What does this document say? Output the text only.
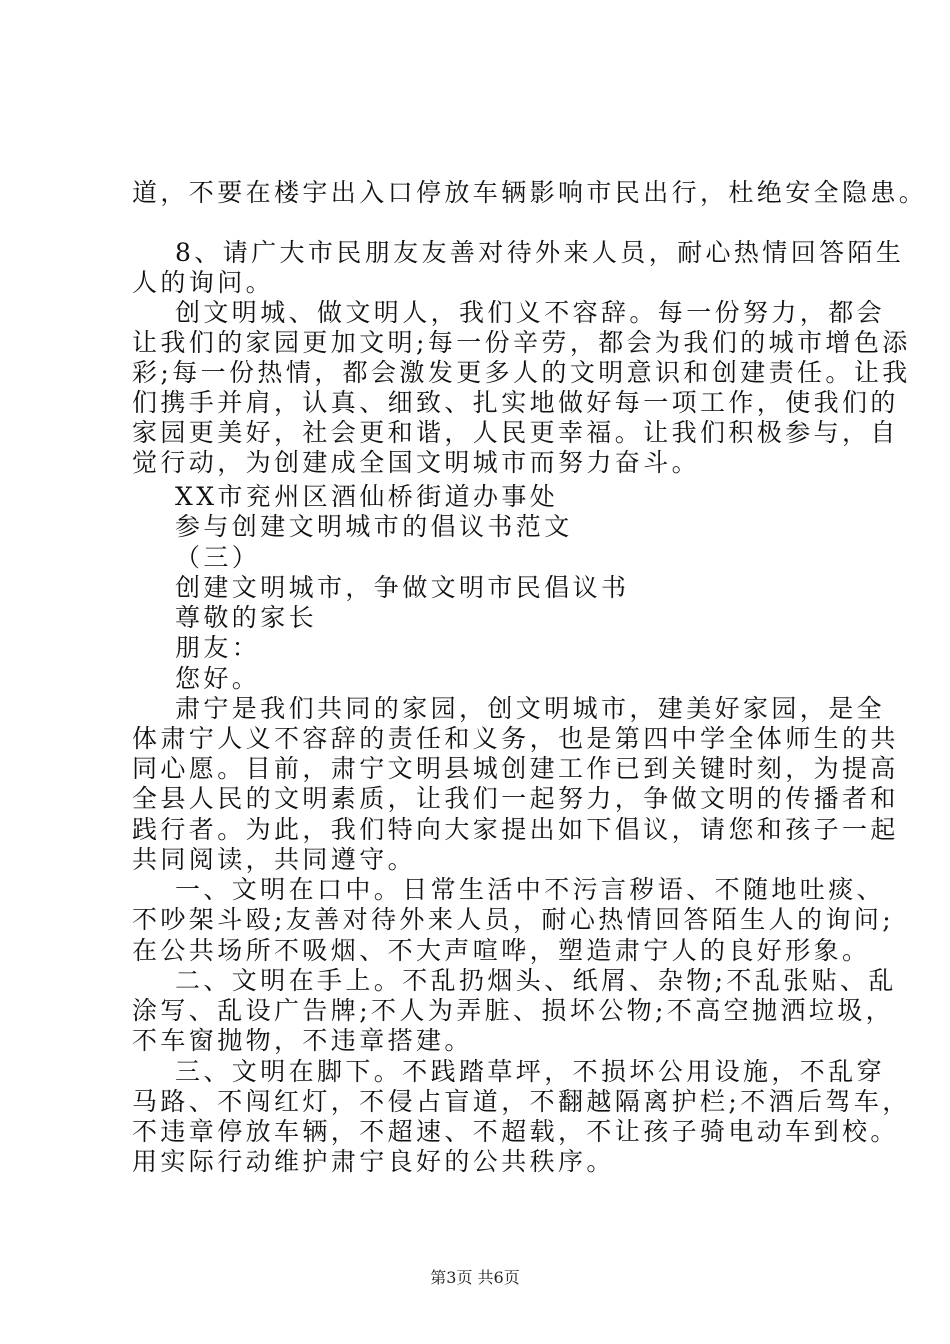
道，不要在楼宇出入口停放车辆影响市民出行，杜绝安全隐患。
8、请广大市民朋友友善对待外来人员，耐心热情回答陌生
人的询问。
创文明城、做文明人，我们义不容辞。每一份努力，都会
让我们的家园更加文明;每一份辛劳，都会为我们的城市增色添
彩;每一份热情，都会激发更多人的文明意识和创建责任。让我
们携手并肩，认真、细致、扎实地做好每一项工作，使我们的
家园更美好，社会更和谐，人民更幸福。让我们积极参与，自
觉行动，为创建成全国文明城市而努力奋斗。
XX市兖州区酒仙桥街道办事处
参与创建文明城市的倡议书范文
（三）
创建文明城市，争做文明市民倡议书
尊敬的家长
朋友：
您好。
肃宁是我们共同的家园，创文明城市，建美好家园，是全
体肃宁人义不容辞的责任和义务，也是第四中学全体师生的共
同心愿。目前，肃宁文明县城创建工作已到关键时刻，为提高
全县人民的文明素质，让我们一起努力，争做文明的传播者和
践行者。为此，我们特向大家提出如下倡议，请您和孩子一起
共同阅读，共同遵守。
一、文明在口中。日常生活中不污言秽语、不随地吐痰、
不吵架斗殴;友善对待外来人员，耐心热情回答陌生人的询问;
在公共场所不吸烟、不大声喧哗，塑造肃宁人的良好形象。
二、文明在手上。不乱扔烟头、纸屑、杂物;不乱张贴、乱
涂写、乱设广告牌;不人为弄脏、损坏公物;不高空抛洒垃圾，
不车窗抛物，不违章搭建。
三、文明在脚下。不践踏草坪，不损坏公用设施，不乱穿
马路、不闯红灯，不侵占盲道，不翻越隔离护栏;不酒后驾车，
不违章停放车辆，不超速、不超载，不让孩子骑电动车到校。
用实际行动维护肃宁良好的公共秩序。
第3页 共6页
